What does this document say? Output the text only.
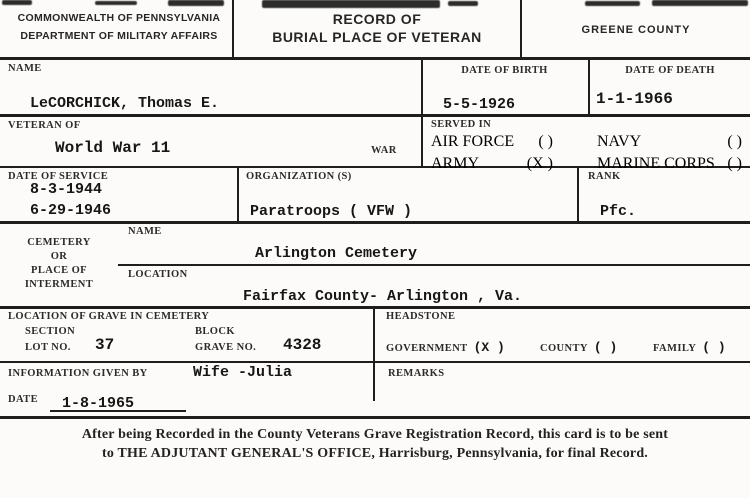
COMMONWEALTH OF PENNSYLVANIA
DEPARTMENT OF MILITARY AFFAIRS
RECORD OF
BURIAL PLACE OF VETERAN	GREENE COUNTY
NAME
LeCORCHICK, Thomas E.
DATE OF BIRTH
5-5-1926
DATE OF DEATH
1-1-1966
VETERAN OF
World War 11	WAR
SERVED IN
AIR FORCE ( )
ARMY	(X )
NAVY	( )
MARINE CORPS ( )
DATE OF SERVICE
8-3-1944
6-29-1946
ORGANIZATION (S)
Paratroops ( VFW )
RANK
Pfc.
CEMETERY
OR
PLACE OF
INTERMENT
NAME
Arlington Cemetery
LOCATION
Fairfax County- Arlington , Va.
LOCATION OF GRAVE IN CEMETERY
SECTION	BLOCK
LOT NO. 37	GRAVE NO. 4328
HEADSTONE
GOVERNMENT (X )	COUNTY ( )	FAMILY ( )
INFORMATION GIVEN BY	Wife -Julia
DATE 1-8-1965
REMARKS
After being Recorded in the County Veterans Grave Registration Record, this card is to be sent
to THE ADJUTANT GENERAL'S OFFICE, Harrisburg, Pennsylvania, for final Record.
